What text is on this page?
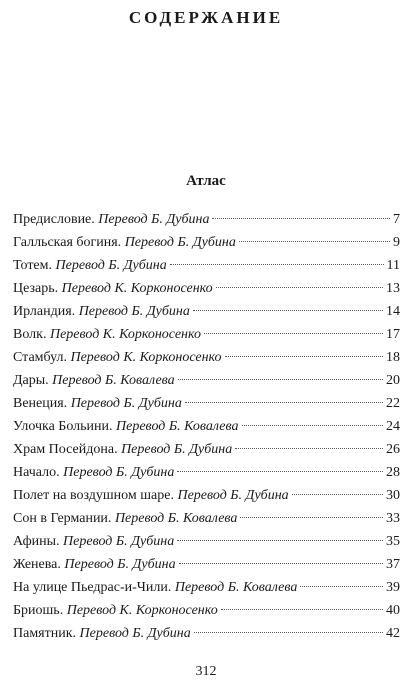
СОДЕРЖАНИЕ
Атлас
Предисловие. Перевод Б. Дубина	7
Галльская богиня. Перевод Б. Дубина	9
Тотем. Перевод Б. Дубина	11
Цезарь. Перевод К. Корконосенко	13
Ирландия. Перевод Б. Дубина	14
Волк. Перевод К. Корконосенко	17
Стамбул. Перевод К. Корконосенко	18
Дары. Перевод Б. Ковалева	20
Венеция. Перевод Б. Дубина	22
Улочка Больини. Перевод Б. Ковалева	24
Храм Посейдона. Перевод Б. Дубина	26
Начало. Перевод Б. Дубина	28
Полет на воздушном шаре. Перевод Б. Дубина	30
Сон в Германии. Перевод Б. Ковалева	33
Афины. Перевод Б. Дубина	35
Женева. Перевод Б. Дубина	37
На улице Пьедрас-и-Чили. Перевод Б. Ковалева	39
Бриошь. Перевод К. Корконосенко	40
Памятник. Перевод Б. Дубина	42
312
